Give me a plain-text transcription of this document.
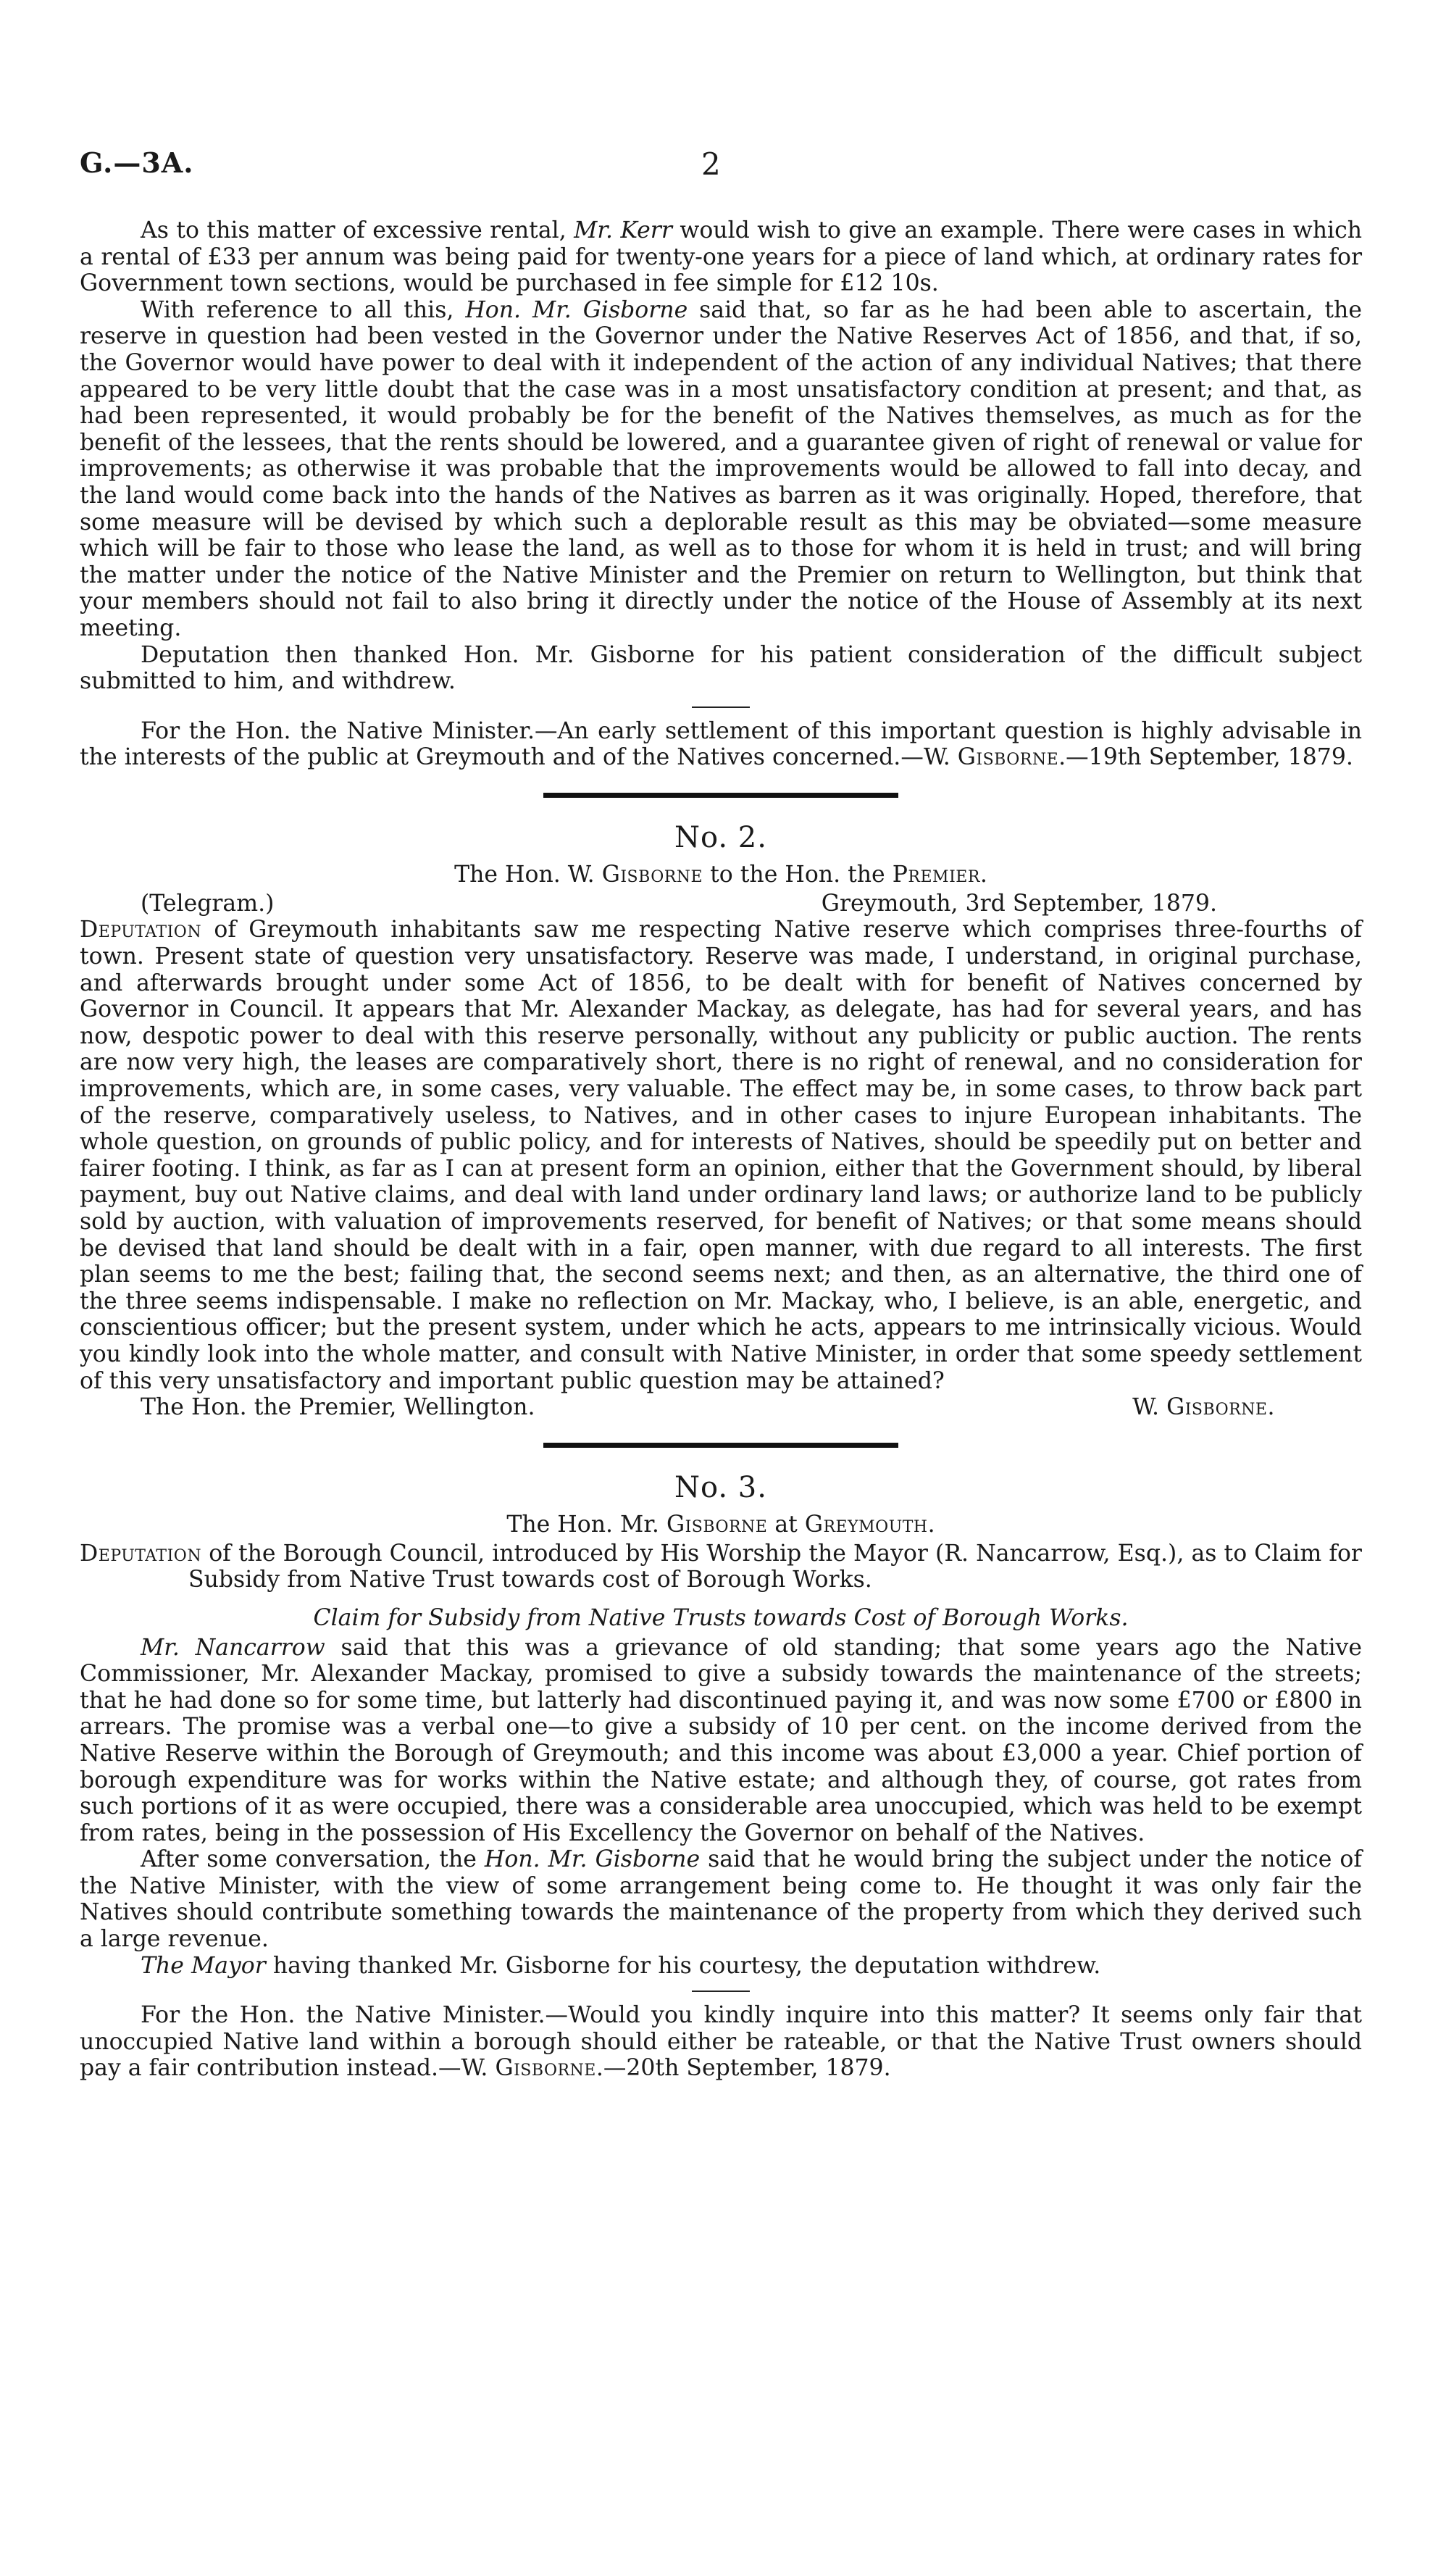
G.—3A.	2

As to this matter of excessive rental, Mr. Kerr would wish to give an example. There were cases in which a rental of £33 per annum was being paid for twenty-one years for a piece of land which, at ordinary rates for Government town sections, would be purchased in fee simple for £12 10s.

With reference to all this, Hon. Mr. Gisborne said that, so far as he had been able to ascertain, the reserve in question had been vested in the Governor under the Native Reserves Act of 1856, and that, if so, the Governor would have power to deal with it independent of the action of any individual Natives; that there appeared to be very little doubt that the case was in a most unsatisfactory condition at present; and that, as had been represented, it would probably be for the benefit of the Natives themselves, as much as for the benefit of the lessees, that the rents should be lowered, and a guarantee given of right of renewal or value for improvements; as otherwise it was probable that the improvements would be allowed to fall into decay, and the land would come back into the hands of the Natives as barren as it was originally. Hoped, therefore, that some measure will be devised by which such a deplorable result as this may be obviated—some measure which will be fair to those who lease the land, as well as to those for whom it is held in trust; and will bring the matter under the notice of the Native Minister and the Premier on return to Wellington, but think that your members should not fail to also bring it directly under the notice of the House of Assembly at its next meeting.

Deputation then thanked Hon. Mr. Gisborne for his patient consideration of the difficult subject submitted to him, and withdrew.

For the Hon. the Native Minister.—An early settlement of this important question is highly advisable in the interests of the public at Greymouth and of the Natives concerned.—W. Gisborne.—19th September, 1879.

No. 2.
The Hon. W. Gisborne to the Hon. the Premier.
(Telegram.)	Greymouth, 3rd September, 1879.

Deputation of Greymouth inhabitants saw me respecting Native reserve which comprises three-fourths of town. Present state of question very unsatisfactory. Reserve was made, I understand, in original purchase, and afterwards brought under some Act of 1856, to be dealt with for benefit of Natives concerned by Governor in Council. It appears that Mr. Alexander Mackay, as delegate, has had for several years, and has now, despotic power to deal with this reserve personally, without any publicity or public auction. The rents are now very high, the leases are comparatively short, there is no right of renewal, and no consideration for improvements, which are, in some cases, very valuable. The effect may be, in some cases, to throw back part of the reserve, comparatively useless, to Natives, and in other cases to injure European inhabitants. The whole question, on grounds of public policy, and for interests of Natives, should be speedily put on better and fairer footing. I think, as far as I can at present form an opinion, either that the Government should, by liberal payment, buy out Native claims, and deal with land under ordinary land laws; or authorize land to be publicly sold by auction, with valuation of improvements reserved, for benefit of Natives; or that some means should be devised that land should be dealt with in a fair, open manner, with due regard to all interests. The first plan seems to me the best; failing that, the second seems next; and then, as an alternative, the third one of the three seems indispensable. I make no reflection on Mr. Mackay, who, I believe, is an able, energetic, and conscientious officer; but the present system, under which he acts, appears to me intrinsically vicious. Would you kindly look into the whole matter, and consult with Native Minister, in order that some speedy settlement of this very unsatisfactory and important public question may be attained?

The Hon. the Premier, Wellington.	W. Gisborne.
No. 3.
The Hon. Mr. Gisborne at Greymouth.

Deputation of the Borough Council, introduced by His Worship the Mayor (R. Nancarrow, Esq.), as to Claim for Subsidy from Native Trust towards cost of Borough Works.

Claim for Subsidy from Native Trusts towards Cost of Borough Works.

Mr. Nancarrow said that this was a grievance of old standing; that some years ago the Native Commissioner, Mr. Alexander Mackay, promised to give a subsidy towards the maintenance of the streets; that he had done so for some time, but latterly had discontinued paying it, and was now some £700 or £800 in arrears. The promise was a verbal one—to give a subsidy of 10 per cent. on the income derived from the Native Reserve within the Borough of Greymouth; and this income was about £3,000 a year. Chief portion of borough expenditure was for works within the Native estate; and although they, of course, got rates from such portions of it as were occupied, there was a considerable area unoccupied, which was held to be exempt from rates, being in the possession of His Excellency the Governor on behalf of the Natives.

After some conversation, the Hon. Mr. Gisborne said that he would bring the subject under the notice of the Native Minister, with the view of some arrangement being come to. He thought it was only fair the Natives should contribute something towards the maintenance of the property from which they derived such a large revenue.

The Mayor having thanked Mr. Gisborne for his courtesy, the deputation withdrew.

For the Hon. the Native Minister.—Would you kindly inquire into this matter? It seems only fair that unoccupied Native land within a borough should either be rateable, or that the Native Trust owners should pay a fair contribution instead.—W. Gisborne.—20th September, 1879.
